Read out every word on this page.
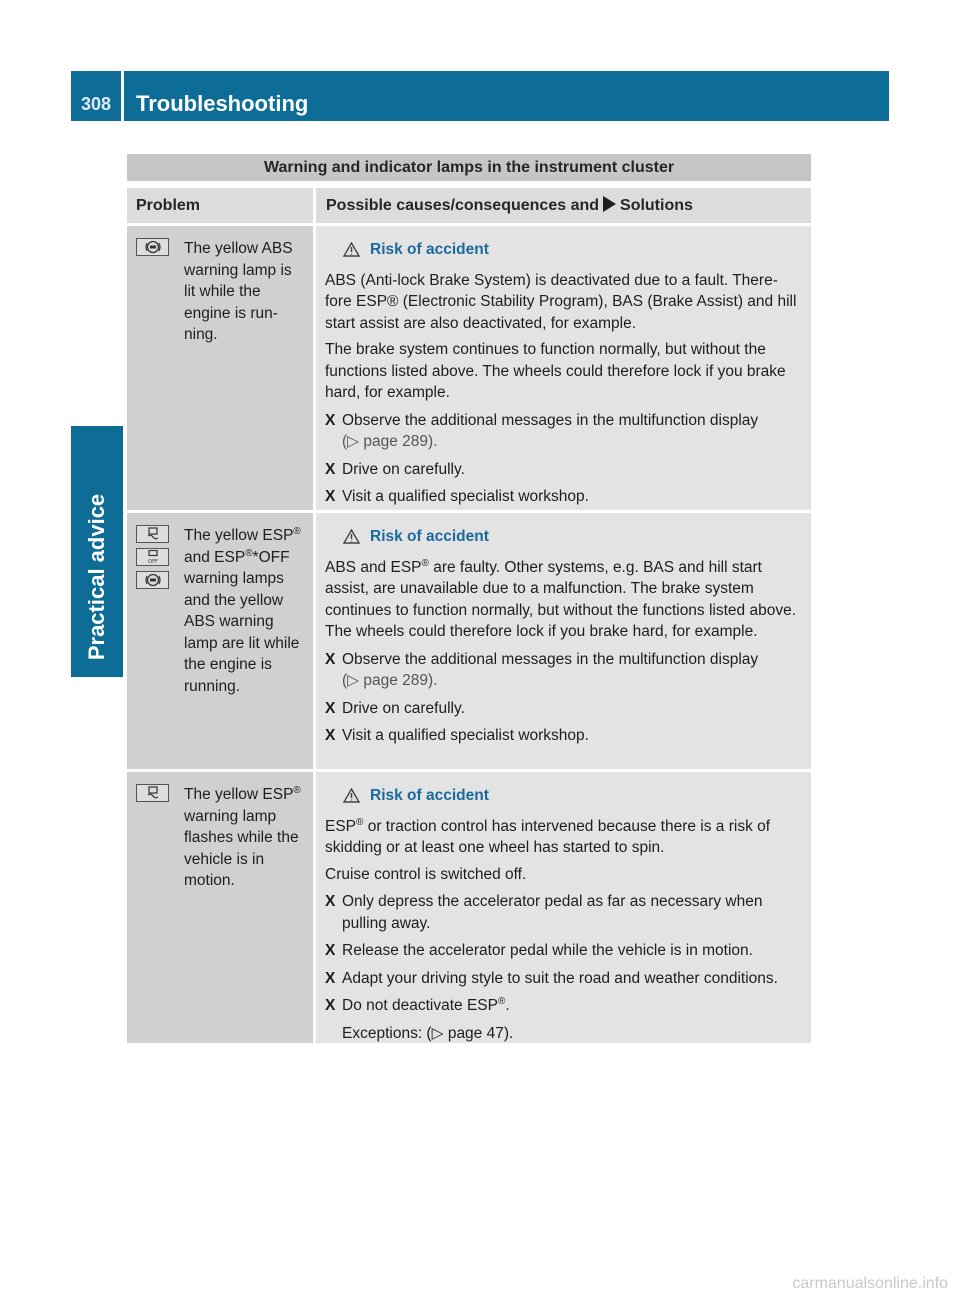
308	Troubleshooting
Practical advice
Warning and indicator lamps in the instrument cluster
Problem	Possible causes/consequences and Solutions
The yellow ABS
warning lamp is
lit while the
engine is run-
ning.
Risk of accident
ABS (Anti-lock Brake System) is deactivated due to a fault. There- fore ESP® (Electronic Stability Program), BAS (Brake Assist) and hill start assist are also deactivated, for example.
The brake system continues to function normally, but without the functions listed above. The wheels could therefore lock if you brake hard, for example.
X Observe the additional messages in the multifunction display
(▷ page 289).
X Drive on carefully.
X Visit a qualified specialist workshop.
OFF
The yellow ESP®
and ESP®*OFF
warning lamps
and the yellow
ABS warning
lamp are lit while
the engine is
running.
Risk of accident
ABS and ESP® are faulty. Other systems, e.g. BAS and hill start assist, are unavailable due to a malfunction. The brake system continues to function normally, but without the functions listed above. The wheels could therefore lock if you brake hard, for example.
X Observe the additional messages in the multifunction display
(▷ page 289).
X Drive on carefully.
X Visit a qualified specialist workshop.
The yellow ESP®
warning lamp
flashes while the
vehicle is in
motion.
Risk of accident
ESP® or traction control has intervened because there is a risk of skidding or at least one wheel has started to spin.
Cruise control is switched off.
X Only depress the accelerator pedal as far as necessary when pulling away.
X Release the accelerator pedal while the vehicle is in motion.
X Adapt your driving style to suit the road and weather conditions.
X Do not deactivate ESP®.
Exceptions: (▷ page 47).
carmanualsonline.info
